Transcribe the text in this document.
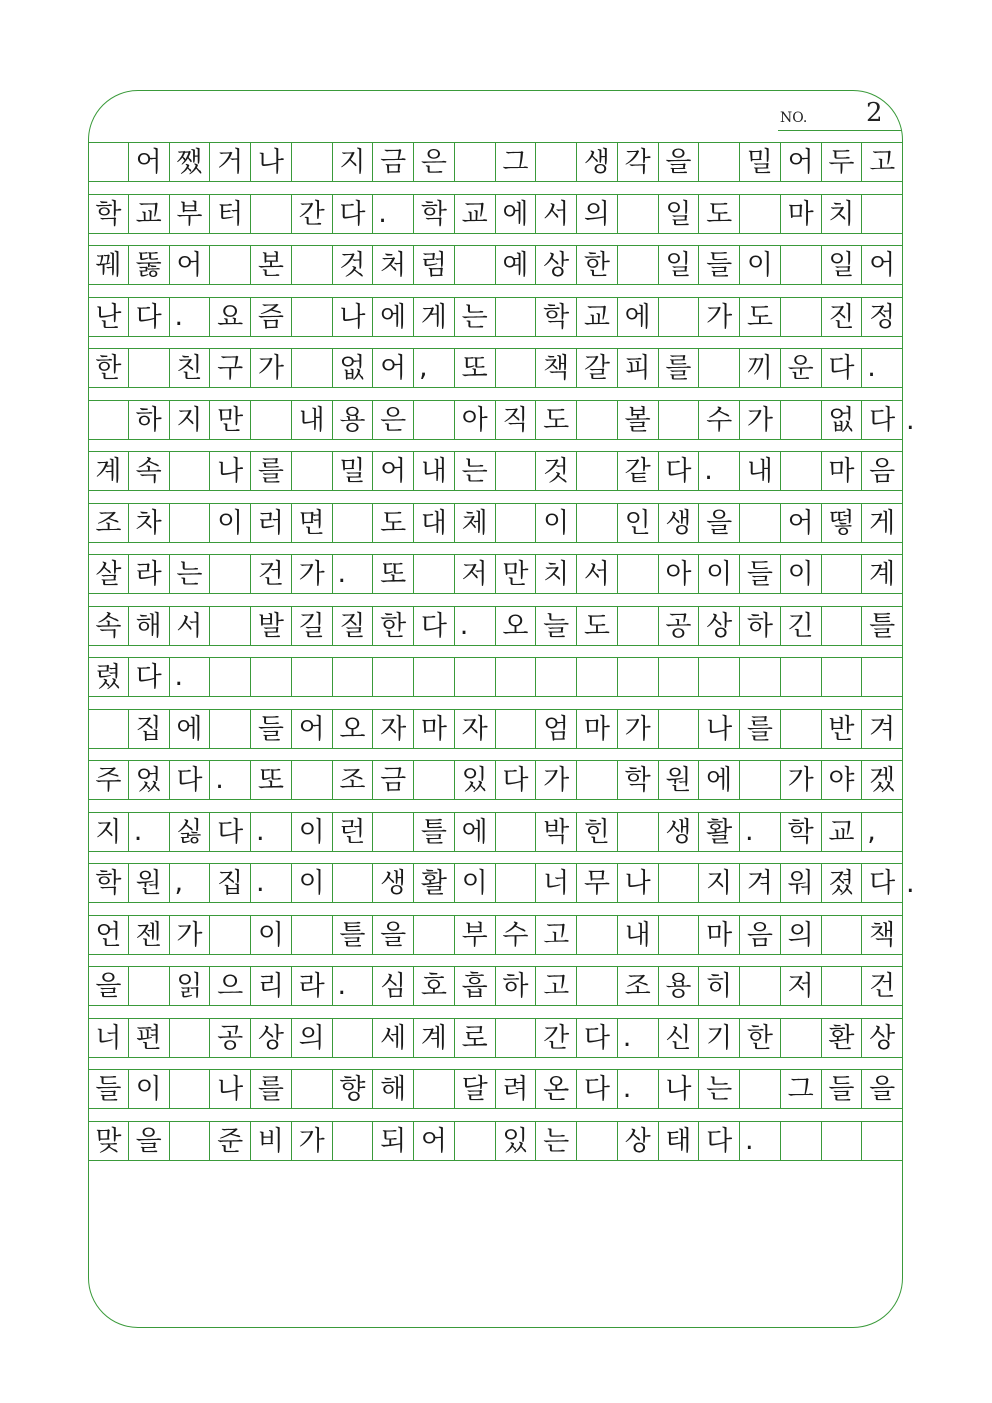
NO. 2
어 쨌 거 나 지 금 은 그 생 각 을 밀 어 두 고
학 교 부 터 간 다 .	학 교 에 서 의 일 도 마 치
꿰 뚫 어 본 것 처 럼 예 상 한 일 들 이 일 어
난 다 .	요 즘 나 에 게 는 학 교 에 가 도 진 정
한 친 구 가 없 어 ,	또 책 갈 피 를 끼 운 다 .
하 지 만 내 용 은 아 직 도 볼 수 가 없 다 .
계 속 나 를 밀 어 내 는 것 같 다 .	내 마 음
조 차 이 러 면 도 대 체 이 인 생 을 어 떻 게
살 라 는 건 가 .	또 저 만 치 서 아 이 들 이 계
속 해 서 발 길 질 한 다 .	오 늘 도 공 상 하 긴 틀
렸 다 .
집 에 들 어 오 자 마 자 엄 마 가 나 를 반 겨
주 었 다 .	또 조 금 있 다 가 학 원 에 가 야 겠
지 .	싫 다 .	이 런 틀 에 박 힌 생 활 .	학 교 ,
학 원 ,	집 .	이 생 활 이 너 무 나 지 겨 워 졌 다 .
언 젠 가 이 틀 을 부 수 고 내 마 음 의 책
을 읽 으 리 라 .	심 호 흡 하 고 조 용 히 저 건
너 편 공 상 의 세 계 로 간 다 .	신 기 한 환 상
들 이 나 를 향 해 달 려 온 다 .	나 는 그 들 을
맞 을 준 비 가 되 어 있 는 상 태 다 .
